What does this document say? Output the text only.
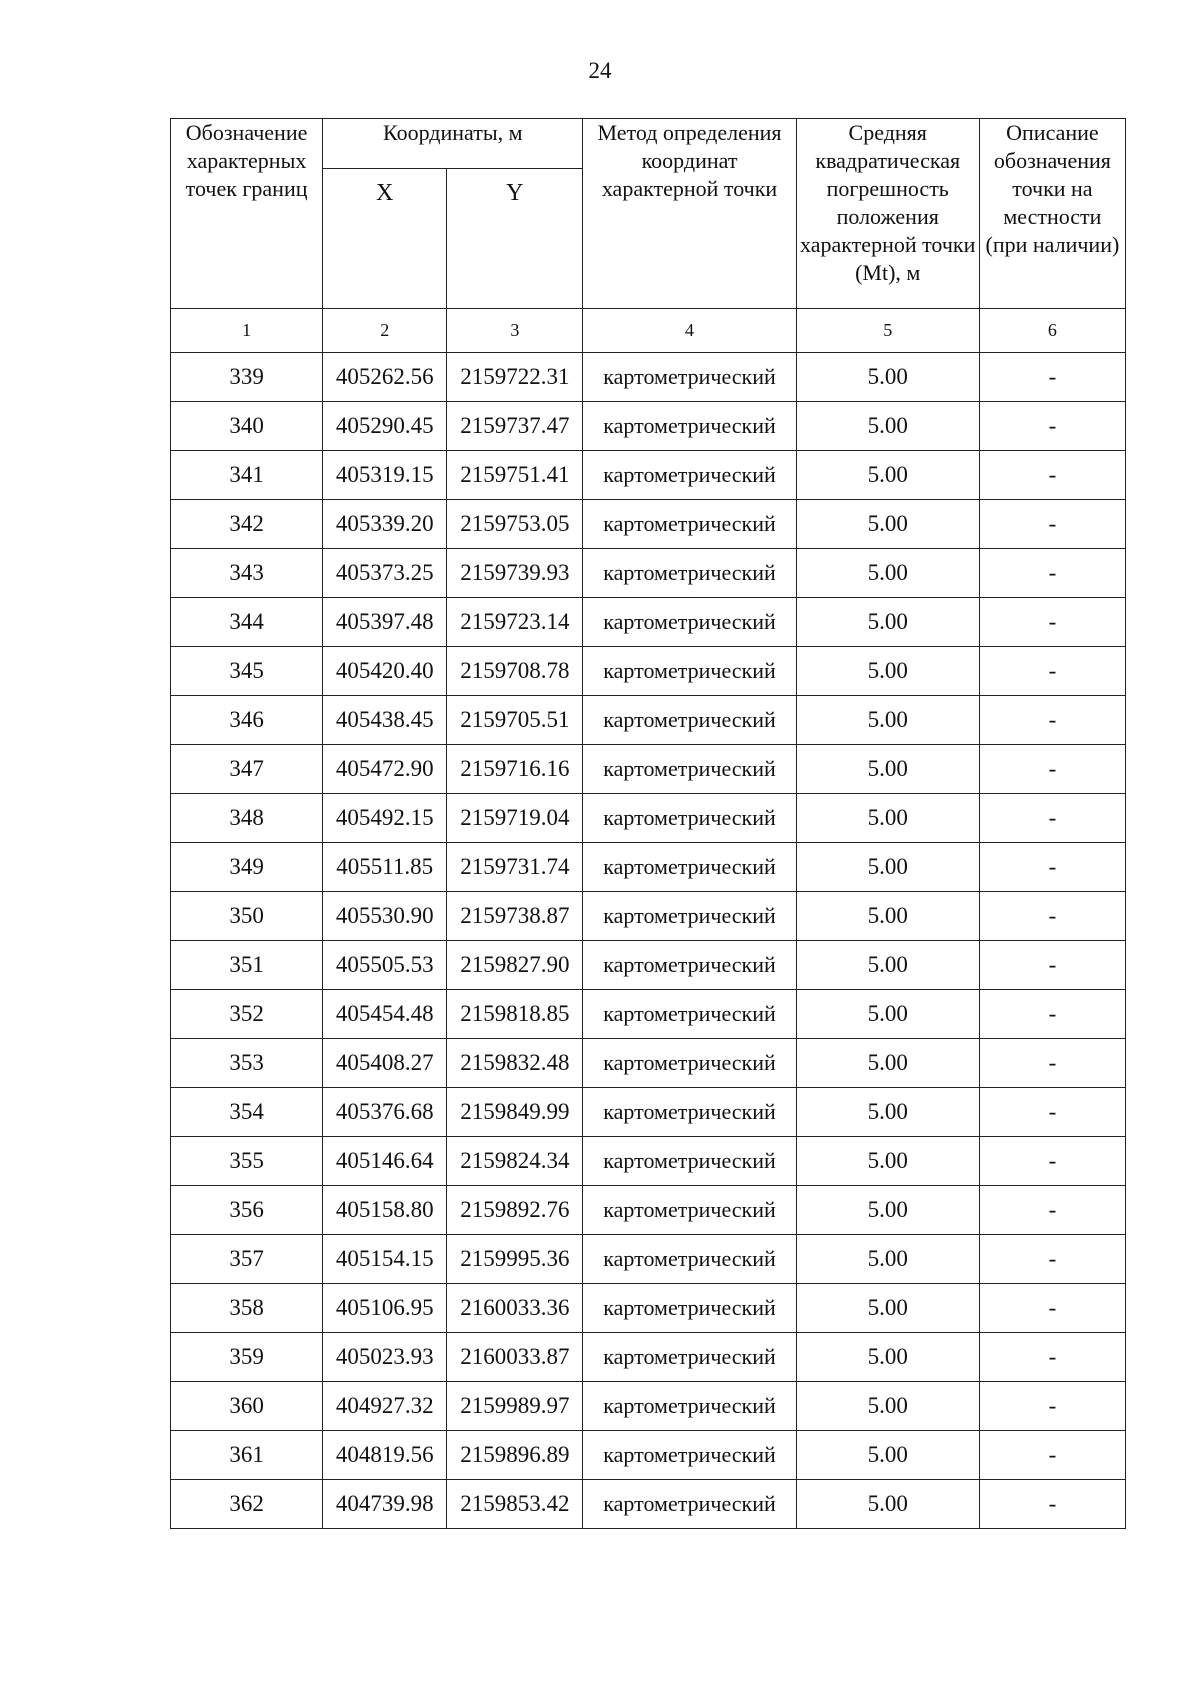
24
Обозначение характерных точек границ	Координаты, м		Метод определения координат характерной точки	Средняя квадратическая погрешность положения характерной точки (Mt), м	Описание обозначения точки на местности (при наличии)
	X	Y			
1	2	3	4	5	6
339	405262.56	2159722.31	картометрический	5.00	-
340	405290.45	2159737.47	картометрический	5.00	-
341	405319.15	2159751.41	картометрический	5.00	-
342	405339.20	2159753.05	картометрический	5.00	-
343	405373.25	2159739.93	картометрический	5.00	-
344	405397.48	2159723.14	картометрический	5.00	-
345	405420.40	2159708.78	картометрический	5.00	-
346	405438.45	2159705.51	картометрический	5.00	-
347	405472.90	2159716.16	картометрический	5.00	-
348	405492.15	2159719.04	картометрический	5.00	-
349	405511.85	2159731.74	картометрический	5.00	-
350	405530.90	2159738.87	картометрический	5.00	-
351	405505.53	2159827.90	картометрический	5.00	-
352	405454.48	2159818.85	картометрический	5.00	-
353	405408.27	2159832.48	картометрический	5.00	-
354	405376.68	2159849.99	картометрический	5.00	-
355	405146.64	2159824.34	картометрический	5.00	-
356	405158.80	2159892.76	картометрический	5.00	-
357	405154.15	2159995.36	картометрический	5.00	-
358	405106.95	2160033.36	картометрический	5.00	-
359	405023.93	2160033.87	картометрический	5.00	-
360	404927.32	2159989.97	картометрический	5.00	-
361	404819.56	2159896.89	картометрический	5.00	-
362	404739.98	2159853.42	картометрический	5.00	-
